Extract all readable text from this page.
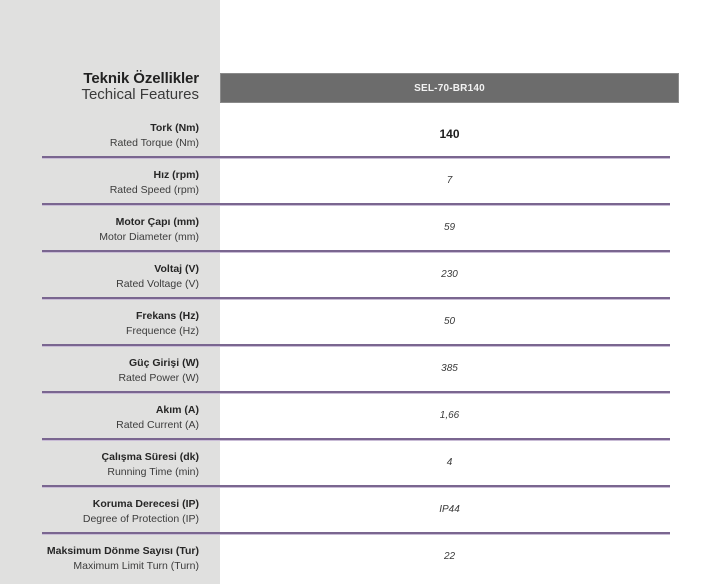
Teknik Özellikler
Techical Features	SEL-70-BR140
Tork (Nm)
Rated Torque (Nm)
140
Hız (rpm)
Rated Speed (rpm)
7
Motor Çapı (mm)
Motor Diameter (mm)
59
Voltaj (V)
Rated Voltage (V)
230
Frekans (Hz)
Frequence (Hz)
50
Güç Girişi (W)
Rated Power (W)
385
Akım (A)
Rated Current (A)
1,66
Çalışma Süresi (dk)
Running Time (min)
4
Koruma Derecesi (IP)
Degree of Protection (IP)
IP44
Maksimum Dönme Sayısı (Tur)
Maximum Limit Turn (Turn)
22
